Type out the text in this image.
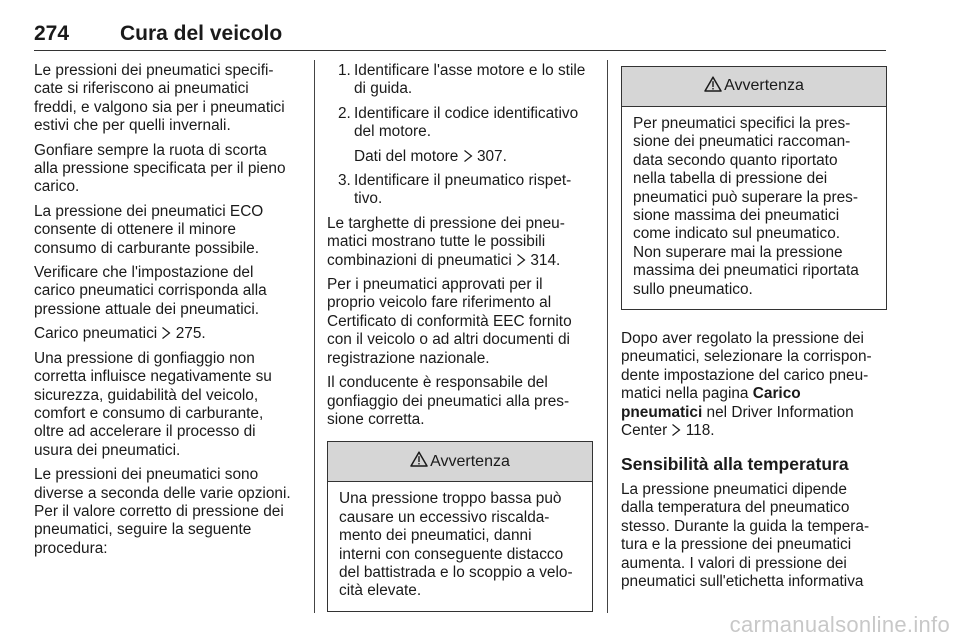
274 Cura del veicolo

Le pressioni dei pneumatici specifi-
cate si riferiscono ai pneumatici
freddi, e valgono sia per i pneumatici
estivi che per quelli invernali.

Gonfiare sempre la ruota di scorta
alla pressione specificata per il pieno
carico.

La pressione dei pneumatici ECO
consente di ottenere il minore
consumo di carburante possibile.

Verificare che l'impostazione del
carico pneumatici corrisponda alla
pressione attuale dei pneumatici.

Carico pneumatici 275.

Una pressione di gonfiaggio non
corretta influisce negativamente su
sicurezza, guidabilità del veicolo,
comfort e consumo di carburante,
oltre ad accelerare il processo di
usura dei pneumatici.

Le pressioni dei pneumatici sono
diverse a seconda delle varie opzioni.
Per il valore corretto di pressione dei
pneumatici, seguire la seguente
procedura:

1. Identificare l'asse motore e lo stile
di guida.
2. Identificare il codice identificativo
del motore.

Dati del motore 307.

3. Identificare il pneumatico rispet-
tivo.

Le targhette di pressione dei pneu-
matici mostrano tutte le possibili
combinazioni di pneumatici 314.

Per i pneumatici approvati per il
proprio veicolo fare riferimento al
Certificato di conformità EEC fornito
con il veicolo o ad altri documenti di
registrazione nazionale.

Il conducente è responsabile del
gonfiaggio dei pneumatici alla pres-
sione corretta.

Avvertenza
Una pressione troppo bassa può
causare un eccessivo riscalda-
mento dei pneumatici, danni
interni con conseguente distacco
del battistrada e lo scoppio a velo-
cità elevate.
Avvertenza
Per pneumatici specifici la pres-
sione dei pneumatici raccoman-
data secondo quanto riportato
nella tabella di pressione dei
pneumatici può superare la pres-
sione massima dei pneumatici
come indicato sul pneumatico.
Non superare mai la pressione
massima dei pneumatici riportata
sullo pneumatico.

Dopo aver regolato la pressione dei
pneumatici, selezionare la corrispon-
dente impostazione del carico pneu-
matici nella pagina Carico
pneumatici nel Driver Information
Center 118.

Sensibilità alla temperatura

La pressione pneumatici dipende
dalla temperatura del pneumatico
stesso. Durante la guida la tempera-
tura e la pressione dei pneumatici
aumenta. I valori di pressione dei
pneumatici sull'etichetta informativa

carmanualsonline.info
